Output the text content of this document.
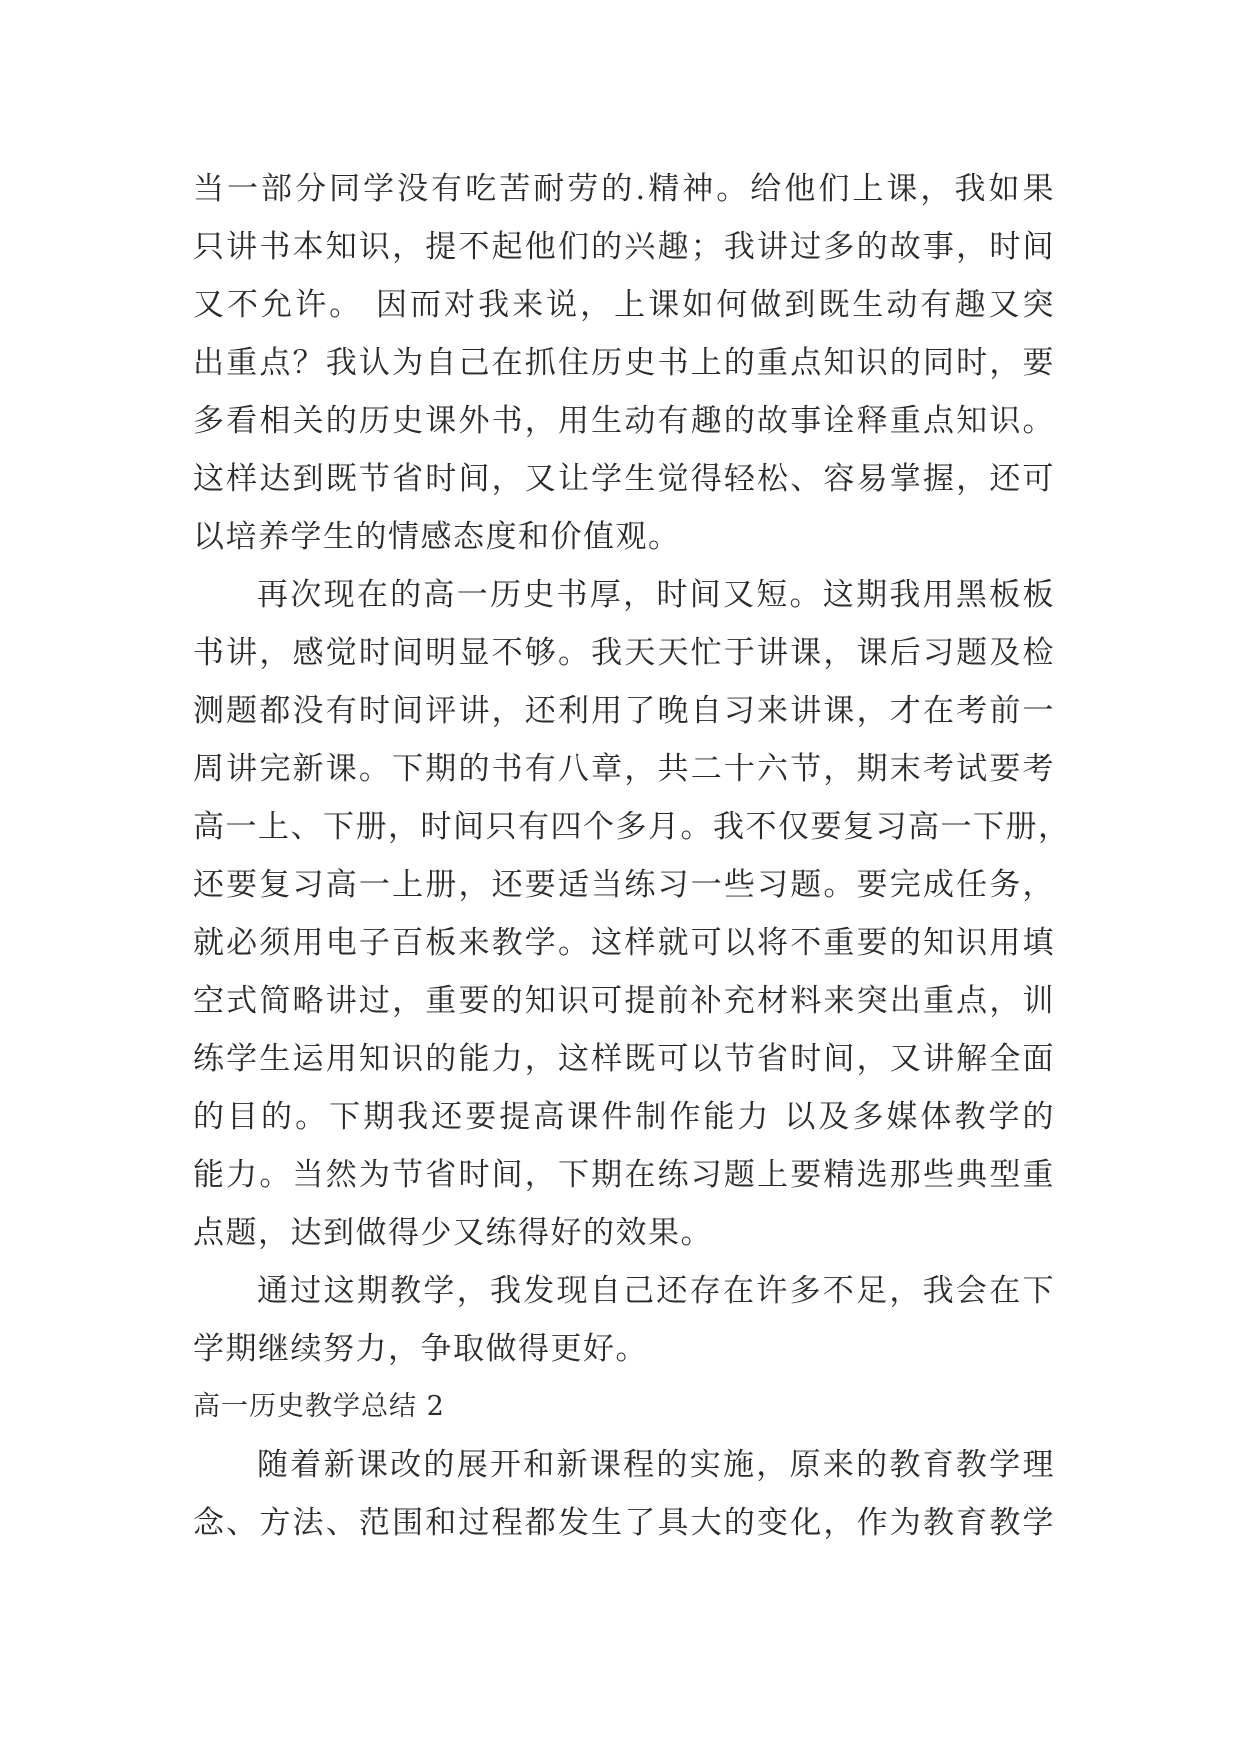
当一部分同学没有吃苦耐劳的.精神。给他们上课，我如果
只讲书本知识，提不起他们的兴趣；我讲过多的故事，时间
又不允许。 因而对我来说，上课如何做到既生动有趣又突
出重点？我认为自己在抓住历史书上的重点知识的同时，要
多看相关的历史课外书，用生动有趣的故事诠释重点知识。
这样达到既节省时间，又让学生觉得轻松、容易掌握，还可
以培养学生的情感态度和价值观。

再次现在的高一历史书厚，时间又短。这期我用黑板板
书讲，感觉时间明显不够。我天天忙于讲课，课后习题及检
测题都没有时间评讲，还利用了晚自习来讲课，才在考前一
周讲完新课。下期的书有八章，共二十六节，期末考试要考
高一上、下册，时间只有四个多月。我不仅要复习高一下册，
还要复习高一上册，还要适当练习一些习题。要完成任务，
就必须用电子百板来教学。这样就可以将不重要的知识用填
空式简略讲过，重要的知识可提前补充材料来突出重点，训
练学生运用知识的能力，这样既可以节省时间，又讲解全面
的目的。下期我还要提高课件制作能力 以及多媒体教学的
能力。当然为节省时间，下期在练习题上要精选那些典型重
点题，达到做得少又练得好的效果。

通过这期教学，我发现自己还存在许多不足，我会在下
学期继续努力，争取做得更好。

高一历史教学总结 2

随着新课改的展开和新课程的实施，原来的教育教学理
念、方法、范围和过程都发生了具大的变化，作为教育教学
